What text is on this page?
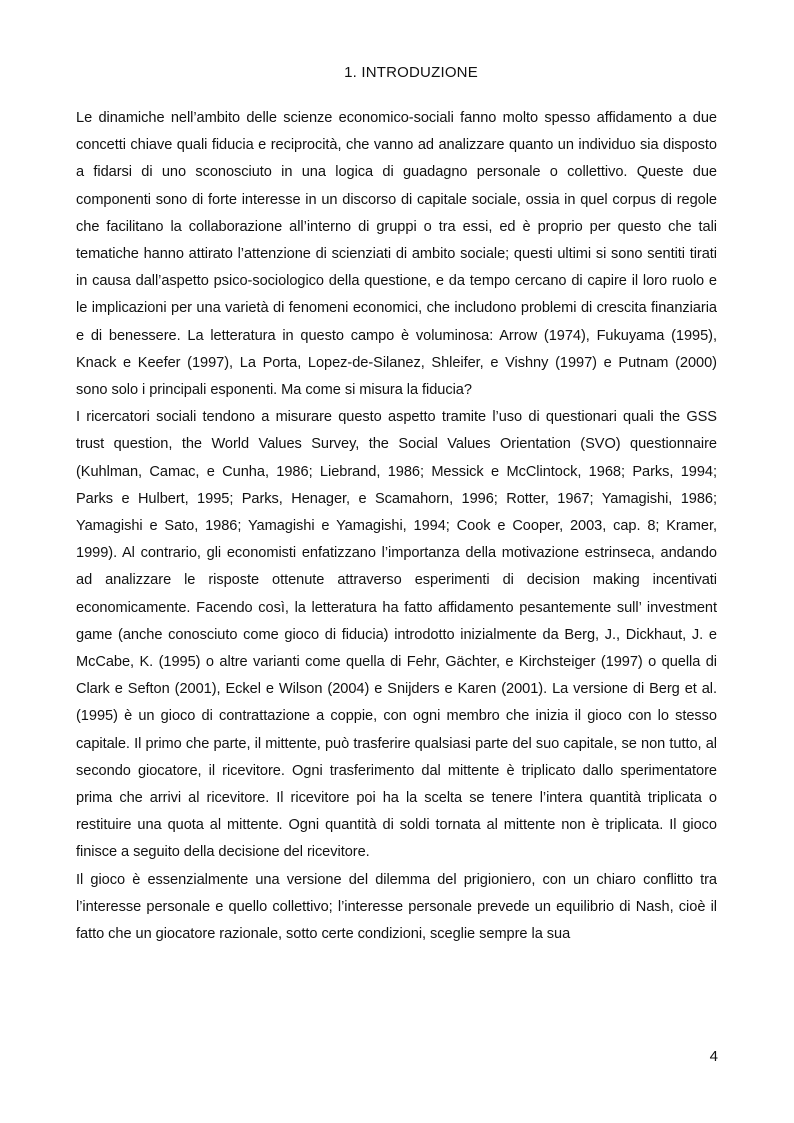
1. INTRODUZIONE

Le dinamiche nell’ambito delle scienze economico-sociali fanno molto spesso affidamento a due concetti chiave quali fiducia e reciprocità, che vanno ad analizzare quanto un individuo sia disposto a fidarsi di uno sconosciuto in una logica di guadagno personale o collettivo. Queste due componenti sono di forte interesse in un discorso di capitale sociale, ossia in quel corpus di regole che facilitano la collaborazione all’interno di gruppi o tra essi, ed è proprio per questo che tali tematiche hanno attirato l’attenzione di scienziati di ambito sociale; questi ultimi si sono sentiti tirati in causa dall’aspetto psico-sociologico della questione, e da tempo cercano di capire il loro ruolo e le implicazioni per una varietà di fenomeni economici, che includono problemi di crescita finanziaria e di benessere. La letteratura in questo campo è voluminosa: Arrow (1974), Fukuyama (1995), Knack e Keefer (1997), La Porta, Lopez-de-Silanez, Shleifer, e Vishny (1997) e Putnam (2000) sono solo i principali esponenti. Ma come si misura la fiducia?

I ricercatori sociali tendono a misurare questo aspetto tramite l’uso di questionari quali the GSS trust question, the World Values Survey, the Social Values Orientation (SVO) questionnaire (Kuhlman, Camac, e Cunha, 1986; Liebrand, 1986; Messick e McClintock, 1968; Parks, 1994; Parks e Hulbert, 1995; Parks, Henager, e Scamahorn, 1996; Rotter, 1967; Yamagishi, 1986; Yamagishi e Sato, 1986; Yamagishi e Yamagishi, 1994; Cook e Cooper, 2003, cap. 8; Kramer, 1999). Al contrario, gli economisti enfatizzano l’importanza della motivazione estrinseca, andando ad analizzare le risposte ottenute attraverso esperimenti di decision making incentivati economicamente. Facendo così, la letteratura ha fatto affidamento pesantemente sull’ investment game (anche conosciuto come gioco di fiducia) introdotto inizialmente da Berg, J., Dickhaut, J. e McCabe, K. (1995) o altre varianti come quella di Fehr, Gächter, e Kirchsteiger (1997) o quella di Clark e Sefton (2001), Eckel e Wilson (2004) e Snijders e Karen (2001). La versione di Berg et al. (1995) è un gioco di contrattazione a coppie, con ogni membro che inizia il gioco con lo stesso capitale. Il primo che parte, il mittente, può trasferire qualsiasi parte del suo capitale, se non tutto, al secondo giocatore, il ricevitore. Ogni trasferimento dal mittente è triplicato dallo sperimentatore prima che arrivi al ricevitore. Il ricevitore poi ha la scelta se tenere l’intera quantità triplicata o restituire una quota al mittente. Ogni quantità di soldi tornata al mittente non è triplicata. Il gioco finisce a seguito della decisione del ricevitore.

Il gioco è essenzialmente una versione del dilemma del prigioniero, con un chiaro conflitto tra l’interesse personale e quello collettivo; l’interesse personale prevede un equilibrio di Nash, cioè il fatto che un giocatore razionale, sotto certe condizioni, sceglie sempre la sua

4
